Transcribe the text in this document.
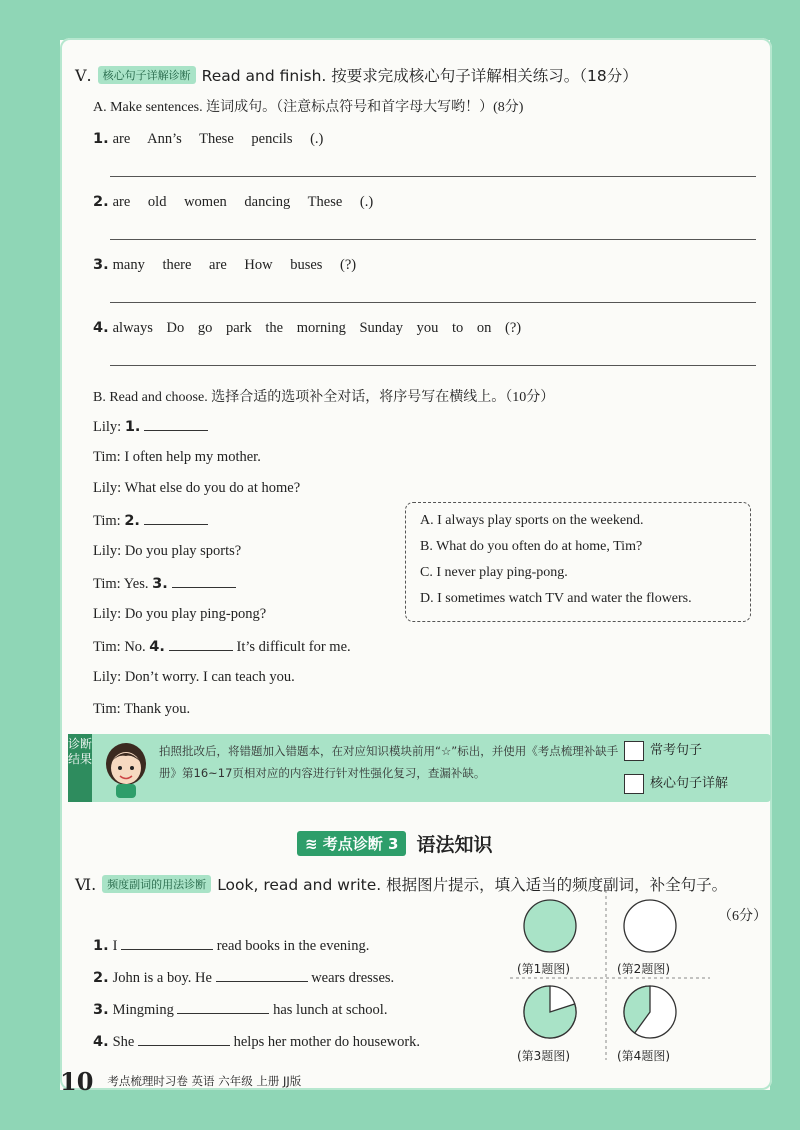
Ⅴ. 核心句子详解诊断 Read and finish. 按要求完成核心句子详解相关练习。（18分）
A. Make sentences. 连词成句。（注意标点符号和首字母大写哟！）(8分)
1. are Ann’s These pencils (.)
2. are old women dancing These (.)
3. many there are How buses (?)
4. always Do go park the morning Sunday you to on (?)
B. Read and choose. 选择合适的选项补全对话，将序号写在横线上。（10分）
Lily: 1.
Tim: I often help my mother.
Lily: What else do you do at home?
Tim: 2.
Lily: Do you play sports?
Tim: Yes. 3.
Lily: Do you play ping-pong?
Tim: No. 4.	It’s difficult for me.
Lily: Don’t worry. I can teach you.
Tim: Thank you.
A. I always play sports on the weekend.
B. What do you often do at home, Tim?
C. I never play ping-pong.
D. I sometimes watch TV and water the flowers.
诊断结果
拍照批改后，将错题加入错题本，在对应知识模块前用“☆”标出，并使用《考点梳理补缺手册》第16~17页相对应的内容进行针对性强化复习，查漏补缺。
常考句子
核心句子详解
≋ 考点诊断 3 语法知识
Ⅵ. 频度副词的用法诊断 Look, read and write. 根据图片提示，填入适当的频度副词，补全句子。
（6分）
1. I	read books in the evening.
2. John is a boy. He	wears dresses.
3. Mingming	has lunch at school.
4. She	helps her mother do housework.
(第1题图)	(第2题图)
(第3题图)	(第4题图)
10 考点梳理时习卷 英语 六年级 上册 JJ版
